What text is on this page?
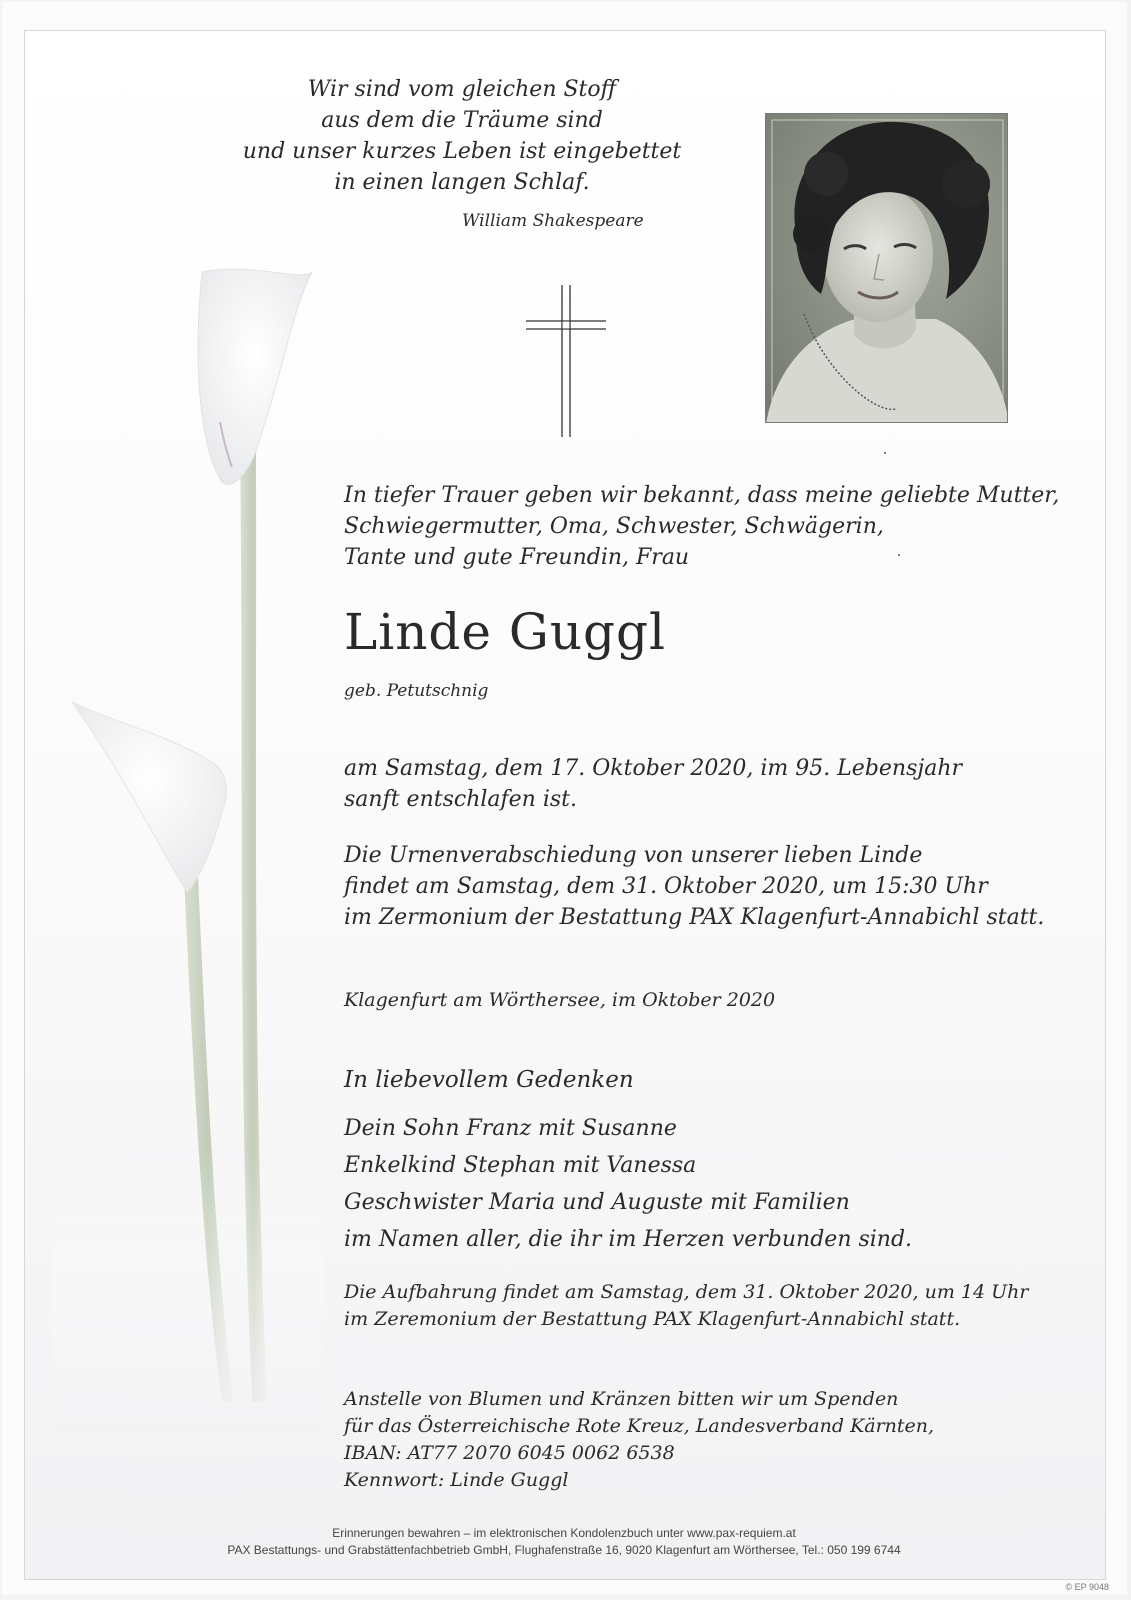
Wir sind vom gleichen Stoff

aus dem die Träume sind

und unser kurzes Leben ist eingebettet

in einen langen Schlaf.

William Shakespeare

In tiefer Trauer geben wir bekannt, dass meine geliebte Mutter,

Schwiegermutter, Oma, Schwester, Schwägerin,

Tante und gute Freundin, Frau

Linde Guggl
geb. Petutschnig

am Samstag, dem 17. Oktober 2020, im 95. Lebensjahr

sanft entschlafen ist.

Die Urnenverabschiedung von unserer lieben Linde

findet am Samstag, dem 31. Oktober 2020, um 15:30 Uhr

im Zermonium der Bestattung PAX Klagenfurt-Annabichl statt.

Klagenfurt am Wörthersee, im Oktober 2020
In liebevollem Gedenken

Dein Sohn Franz mit Susanne

Enkelkind Stephan mit Vanessa

Geschwister Maria und Auguste mit Familien

im Namen aller, die ihr im Herzen verbunden sind.

Die Aufbahrung findet am Samstag, dem 31. Oktober 2020, um 14 Uhr

im Zeremonium der Bestattung PAX Klagenfurt-Annabichl statt.

Anstelle von Blumen und Kränzen bitten wir um Spenden

für das Österreichische Rote Kreuz, Landesverband Kärnten,

IBAN: AT77 2070 6045 0062 6538

Kennwort: Linde Guggl

Erinnerungen bewahren – im elektronischen Kondolenzbuch unter www.pax-requiem.at

PAX Bestattungs- und Grabstättenfachbetrieb GmbH, Flughafenstraße 16, 9020 Klagenfurt am Wörthersee, Tel.: 050 199 6744

© EP 9048
